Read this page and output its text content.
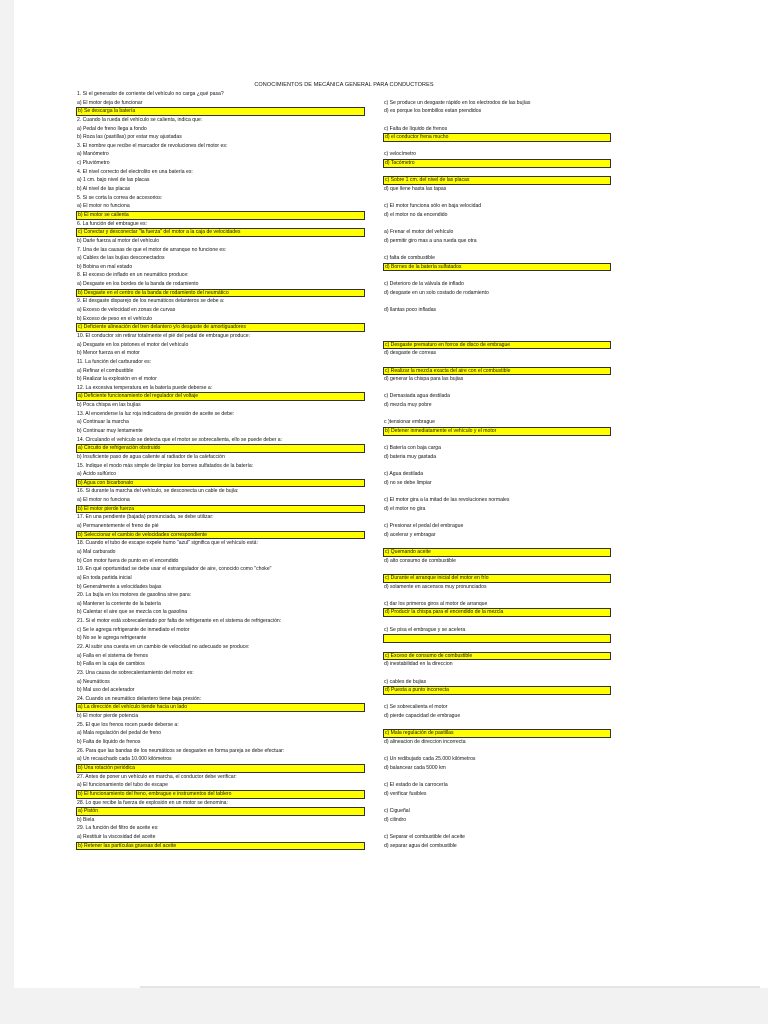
CONOCIMIENTOS DE MECÁNICA GENERAL PARA CONDUCTORES
1. Si el generador de corriente del vehículo no carga ¿qué pasa?
a) El motor deja de funcionar	c) Se produce un desgaste rápido en los electrodos de las bujías
b) Se descarga la batería	d) es porque los bombillos estan prendidos
2. Cuando la rueda del vehículo se calienta, indica que:
a) Pedal de freno llega a fondo	c) Falta de líquido de frenos
b) Roza las (pastillas) por estar muy ajustadas	d) el conductor frena mucho
3. El nombre que recibe el marcador de revoluciones del motor es:
a) Manómetro	c) velocímetro
c) Pluviómetro	d) Tacómetro
4. El nivel correcto del electrolito en una batería es:
a) 1 cm. bajo nivel de las placas	c) Sobre 1 cm. del nivel de las placas
b) Al nivel de las placas	d) que llene hasta las tapas
5. Si se corta la correa de accesorios:
a) El motor no funciona	c) El motor funciona sólo en baja velocidad
b) El motor se calienta	d) el motor no da encendido
6. La función del embrague es:
c) Conectar y desconectar "la fuerza" del motor a la caja de velocidades	a) Frenar el motor del vehículo
b) Darle fuerza al motor del vehículo	d) permitir giro mas a una rueda que otra
7. Una de las causas de que el motor de arranque no funcione es:
a) Cables de las bujías desconectados	c) falta de combustible
b) Bobina en mal estado	d) Bornes de la batería sulfatados
8. El exceso de inflado en un neumático produce:
a) Desgaste en los bordes de la banda de rodamiento	c) Deterioro de la válvula de inflado
b) Desgaste en el centro de la banda de rodamiento del neumático	d) desgaste en un solo costado de rodamiento
9. El desgaste disparejo de los neumáticos delanteros se debe a:
a) Exceso de velocidad en zonas de curvas	d) llantas poco infladas
b) Exceso de peso en el vehículo
c) Deficiente alineación del tren delantero y/o desgaste de amortiguadores
10. El conductor sin retirar totalmente el pié del pedal de embrague produce:
a) Desgaste en los pistones el motor del vehículo	c) Desgaste prematuro en forros de disco de embrague
b) Menor fuerza en el motor	d) desgaste de correas
11. La función del carburador es:
a) Refinar el combustible	c) Realizar la mezcla exacta del aire con el combustible
b) Realizar la explosión en el motor	d) generar la chispa para las bujias
12. La excesiva temperatura en la batería puede deberse a:
a) Deficiente funcionamiento del regulador del voltaje	c) Demasiada agua destilada
b) Poca chispa en las bujías	d) mezcla muy pobre
13. Al encenderse la luz roja indicadora de presión de aceite se debe:
a) Continuar la marcha	c )tensionar embrague
b) Continuar muy lentamente	b) Detener inmediatamente el vehículo y el motor
14. Circulando el vehículo se detecta que el motor se sobrecalienta, ello se puede deber a:
a) Circuito de refrigeración obstruido	c) Batería con baja carga
b) Insuficiente paso de agua caliente al radiador de la calefacción	d) bateria muy gastada
15. Indique el modo más simple de limpiar los bornes sulfatados de la batería:
a) Ácido sulfúrico	c) Agua destilada
b) Agua con bicarbonato	d) no se debe limpiar
16. Si durante la marcha del vehículo, se desconecta un cable de bujía:
a) El motor no funciona	c) El motor gira a la mitad de las revoluciones normales
b) El motor pierde fuerza	d) el motor no gira
17. En una pendiente (bajada) pronunciada, se debe utilizar:
a) Permanentemente el freno de pié	c) Presionar el pedal del embrague
b) Seleccionar el cambio de velocidades correspondiente	d) acelerar y embragar
18. Cuando el tubo de escape expele humo "azul" significa que el vehículo está:
a) Mal carburado	c) Quemando aceite
b) Con motor fuera de punto en el encendido	d) alto consumo de combustible
19. En qué oportunidad se debe usar el estrangulador de aire, conocido como "choke"
a) En toda partida inicial	c) Durante el arranque inicial del motor en frío
b) Generalmente a velocidades bajas	d) solamente en ascensos muy pronunciados
20. La bujía en los motores de gasolina sirve para:
a) Mantener la corriente de la batería	c) dar los primeros giros al motor de arranque
b) Calentar el aire que se mezcla con la gasolina	d) Producir la chispa para el encendido de la mezcla
21. Si el motor está sobrecalentado por falta de refrigerante en el sistema de refrigeración:
c) Se le agrega refrigerante de inmediato el motor	c) Se pisa el embrague y se acelera
b) No se le agrega refrigerante
22. Al subir una cuesta en un cambio de velocidad no adecuado se produce:
a) Falla en el sistema de frenos	c) Exceso de consumo de combustible
b) Falla en la caja de cambios	d) inestabilidad en la direccion
23. Una causa de sobrecalentamiento del motor es:
a) Neumáticos	c) cables de bujias
b) Mal uso del acelerador	d) Puesta a punto incorrecta
24. Cuando un neumático delantero tiene baja presión:
a) La dirección del vehículo tiende hacia un lado	c) Se sobrecalienta el motor
b) El motor pierde potencia	d) pierde capacidad de embrague
25. El que los frenos rocen puede deberse a:
a) Mala regulación del pedal de freno	c) Mala regulación de pastillas
b) Falta de líquido de frenos	d) alineacion de direccion incorrecta
26. Para que las bandas de los neumáticos se desgasten en forma pareja se debe efectuar:
a) Un recauchado cada 10.000 kilómetros	c) Un redibujado cada 25.000 kilómetros
b) Una rotación periódica	d) balancear cada 5000 km
27. Antes de poner un vehículo en marcha, el conductor debe verificar:
a) El funcionamiento del tubo de escape	c) El estado de la carrocería
b) El funcionamiento del freno, embrague e instrumentos del tablero	d) verificar fusibles
28. Lo que recibe la fuerza de explosión en un motor se denomina:
a) Pistón	c) Cigueñal
b) Biela	d) cilindro
29. La función del filtro de aceite es:
a) Restituir la viscosidad del aceite	c) Separar el combustible del aceite
b) Retener las partículas gruesas del aceite	d) separar agua del combustible
